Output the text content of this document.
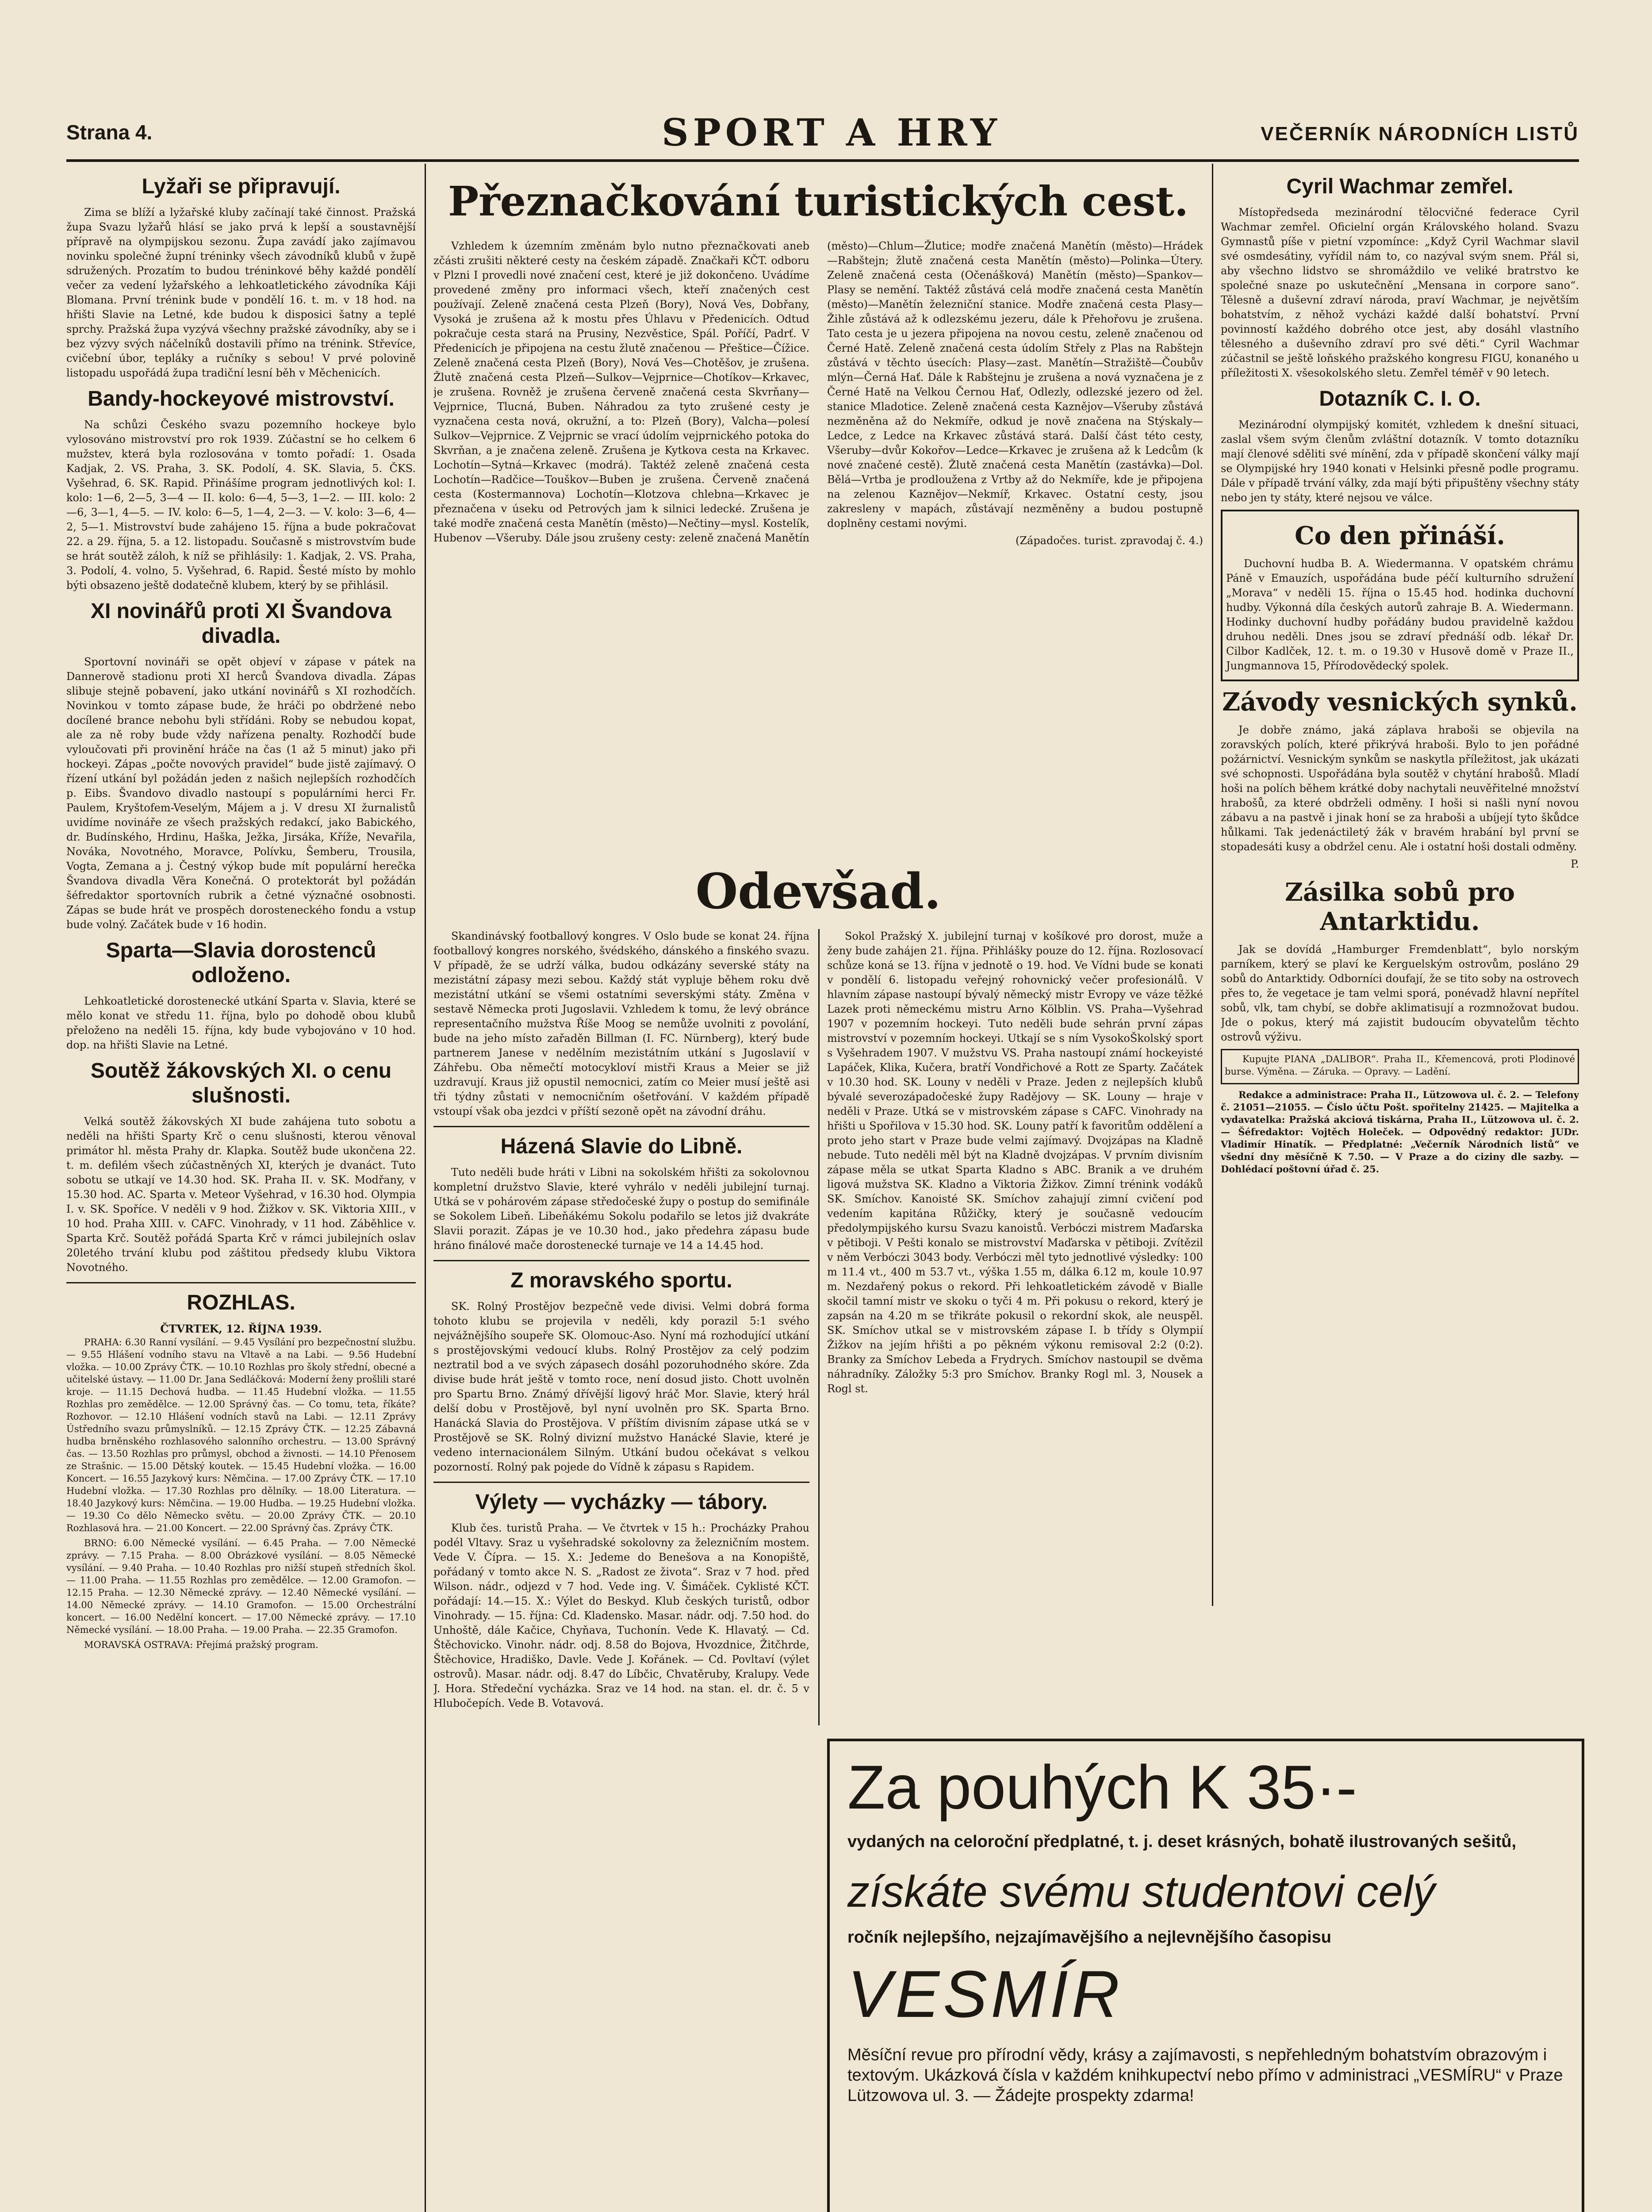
Strana 4.	SPORT A HRY	VEČERNÍK NÁRODNÍCH LISTŮ
Lyžaři se připravují.

Zima se blíží a lyžařské kluby začínají také činnost. Pražská župa Svazu lyžařů hlásí se jako prvá k lepší a soustavnější přípravě na olympijskou sezonu. Župa zavádí jako zajímavou novinku společné župní tréninky všech závodníků klubů v župě sdružených. Prozatím to budou tréninkové běhy každé pondělí večer za vedení lyžařského a lehkoatletického závodníka Káji Blomana. První trénink bude v pondělí 16. t. m. v 18 hod. na hřišti Slavie na Letné, kde budou k disposici šatny a teplé sprchy. Pražská župa vyzývá všechny pražské závodníky, aby se i bez výzvy svých náčelníků dostavili přímo na trénink. Střevíce, cvičební úbor, tepláky a ručníky s sebou! V prvé polovině listopadu uspořádá župa tradiční lesní běh v Měchenicích.

Bandy-hockeyové mistrovství.

Na schůzi Českého svazu pozemního hockeye bylo vylosováno mistrovství pro rok 1939. Zúčastní se ho celkem 6 mužstev, která byla rozlosována v tomto pořadí: 1. Osada Kadjak, 2. VS. Praha, 3. SK. Podolí, 4. SK. Slavia, 5. ČKS. Vyšehrad, 6. SK. Rapid. Přinášíme program jednotlivých kol: I. kolo: 1—6, 2—5, 3—4 — II. kolo: 6—4, 5—3, 1—2. — III. kolo: 2—6, 3—1, 4—5. — IV. kolo: 6—5, 1—4, 2—3. — V. kolo: 3—6, 4—2, 5—1. Mistrovství bude zahájeno 15. října a bude pokračovat 22. a 29. října, 5. a 12. listopadu. Současně s mistrovstvím bude se hrát soutěž záloh, k níž se přihlásily: 1. Kadjak, 2. VS. Praha, 3. Podolí, 4. volno, 5. Vyšehrad, 6. Rapid. Šesté místo by mohlo býti obsazeno ještě dodatečně klubem, který by se přihlásil.

XI novinářů proti XI Švandova divadla.

Sportovní novináři se opět objeví v zápase v pátek na Dannerově stadionu proti XI herců Švandova divadla. Zápas slibuje stejně pobavení, jako utkání novinářů s XI rozhodčích. Novinkou v tomto zápase bude, že hráči po obdržené nebo docílené brance nebohu byli střídáni. Roby se nebudou kopat, ale za ně roby bude vždy nařízena penalty. Rozhodčí bude vyloučovati při provinění hráče na čas (1 až 5 minut) jako při hockeyi. Zápas „počte novových pravidel“ bude jistě zajímavý. O řízení utkání byl požádán jeden z našich nejlepších rozhodčích p. Eibs. Švandovo divadlo nastoupí s populárními herci Fr. Paulem, Kryštofem-Veselým, Májem a j. V dresu XI žurnalistů uvidíme novináře ze všech pražských redakcí, jako Babického, dr. Budínského, Hrdinu, Haška, Ježka, Jirsáka, Kříže, Nevařila, Nováka, Novotného, Moravce, Polívku, Šemberu, Trousila, Vogta, Zemana a j. Čestný výkop bude mít populární herečka Švandova divadla Věra Konečná. O protektorát byl požádán šéfredaktor sportovních rubrik a četné význačné osobnosti. Zápas se bude hrát ve prospěch dorosteneckého fondu a vstup bude volný. Začátek bude v 16 hodin.

Sparta—Slavia dorostenců odloženo.

Lehkoatletické dorostenecké utkání Sparta v. Slavia, které se mělo konat ve středu 11. října, bylo po dohodě obou klubů přeloženo na neděli 15. října, kdy bude vybojováno v 10 hod. dop. na hřišti Slavie na Letné.

Soutěž žákovských XI. o cenu slušnosti.

Velká soutěž žákovských XI bude zahájena tuto sobotu a neděli na hřišti Sparty Krč o cenu slušnosti, kterou věnoval primátor hl. města Prahy dr. Klapka. Soutěž bude ukončena 22. t. m. defilém všech zúčastněných XI, kterých je dvanáct. Tuto sobotu se utkají ve 14.30 hod. SK. Praha II. v. SK. Modřany, v 15.30 hod. AC. Sparta v. Meteor Vyšehrad, v 16.30 hod. Olympia I. v. SK. Spoříce. V neděli v 9 hod. Žižkov v. SK. Viktoria XIII., v 10 hod. Praha XIII. v. CAFC. Vinohrady, v 11 hod. Záběhlice v. Sparta Krč. Soutěž pořádá Sparta Krč v rámci jubilejních oslav 20letého trvání klubu pod záštitou předsedy klubu Viktora Novotného.

ROZHLAS.
ČTVRTEK, 12. ŘÍJNA 1939.

PRAHA: 6.30 Ranní vysílání. — 9.45 Vysílání pro bezpečnostní službu. — 9.55 Hlášení vodního stavu na Vltavě a na Labi. — 9.56 Hudební vložka. — 10.00 Zprávy ČTK. — 10.10 Rozhlas pro školy střední, obecné a učitelské ústavy. — 11.00 Dr. Jana Sedláčková: Moderní ženy prošlili staré kroje. — 11.15 Dechová hudba. — 11.45 Hudební vložka. — 11.55 Rozhlas pro zemědělce. — 12.00 Správný čas. — Co tomu, teta, říkáte? Rozhovor. — 12.10 Hlášení vodních stavů na Labi. — 12.11 Zprávy Ústředního svazu průmyslníků. — 12.15 Zprávy ČTK. — 12.25 Zábavná hudba brněnského rozhlasového salonního orchestru. — 13.00 Správný čas. — 13.50 Rozhlas pro průmysl, obchod a živnosti. — 14.10 Přenosem ze Strašnic. — 15.00 Dětský koutek. — 15.45 Hudební vložka. — 16.00 Koncert. — 16.55 Jazykový kurs: Němčina. — 17.00 Zprávy ČTK. — 17.10 Hudební vložka. — 17.30 Rozhlas pro dělníky. — 18.00 Literatura. — 18.40 Jazykový kurs: Němčina. — 19.00 Hudba. — 19.25 Hudební vložka. — 19.30 Co dělo Německo světu. — 20.00 Zprávy ČTK. — 20.10 Rozhlasová hra. — 21.00 Koncert. — 22.00 Správný čas. Zprávy ČTK.

BRNO: 6.00 Německé vysílání. — 6.45 Praha. — 7.00 Německé zprávy. — 7.15 Praha. — 8.00 Obrázkové vysílání. — 8.05 Německé vysílání. — 9.40 Praha. — 10.40 Rozhlas pro nižší stupeň středních škol. — 11.00 Praha. — 11.55 Rozhlas pro zemědělce. — 12.00 Gramofon. — 12.15 Praha. — 12.30 Německé zprávy. — 12.40 Německé vysílání. — 14.00 Německé zprávy. — 14.10 Gramofon. — 15.00 Orchestrální koncert. — 16.00 Nedělní koncert. — 17.00 Německé zprávy. — 17.10 Německé vysílání. — 18.00 Praha. — 19.00 Praha. — 22.35 Gramofon.

MORAVSKÁ OSTRAVA: Přejímá pražský program.

Přeznačkování turistických cest.

Vzhledem k územním změnám bylo nutno přeznačkovati aneb zčásti zrušiti některé cesty na českém západě. Značkaři KČT. odboru v Plzni I provedli nové značení cest, které je již dokončeno. Uvádíme provedené změny pro informaci všech, kteří značených cest používají. Zeleně značená cesta Plzeň (Bory), Nová Ves, Dobřany, Vysoká je zrušena až k mostu přes Úhlavu v Předenicích. Odtud pokračuje cesta stará na Prusiny, Nezvěstice, Spál. Poříčí, Padrť. V Předenicích je připojena na cestu žlutě značenou — Přeštice—Čížice. Zeleně značená cesta Plzeň (Bory), Nová Ves—Chotěšov, je zrušena. Žlutě značená cesta Plzeň—Sulkov—Vejprnice—Chotíkov—Krkavec, je zrušena. Rovněž je zrušena červeně značená cesta Skvrňany—Vejprnice, Tlucná, Buben. Náhradou za tyto zrušené cesty je vyznačena cesta nová, okružní, a to: Plzeň (Bory), Valcha—polesí Sulkov—Vejprnice. Z Vejprnic se vrací údolím vejprnického potoka do Skvrňan, a je značena zeleně. Zrušena je Kytkova cesta na Krkavec. Lochotín—Sytná—Krkavec (modrá). Taktéž zeleně značená cesta Lochotín—Radčice—Touškov—Buben je zrušena. Červeně značená cesta (Kostermannova) Lochotín—Klotzova chlebna—Krkavec je přeznačena v úseku od Petrových jam k silnici ledecké. Zrušena je také modře značená cesta Manětín (město)—Nečtiny—mysl. Kostelík, Hubenov —Všeruby. Dále jsou zrušeny cesty: zeleně značená Manětín (město)—Chlum—Žlutice; modře značená Manětín (město)—Hrádek—Rabštejn; žlutě značená cesta Manětín (město)—Polinka—Útery. Zeleně značená cesta (Očenášková) Manětín (město)—Spankov—Plasy se nemění. Taktéž zůstává celá modře značená cesta Manětín (město)—Manětín železniční stanice. Modře značená cesta Plasy—Žihle zůstává až k odlezskému jezeru, dále k Přehořovu je zrušena. Tato cesta je u jezera připojena na novou cestu, zeleně značenou od Černé Hatě. Zeleně značená cesta údolím Střely z Plas na Rabštejn zůstává v těchto úsecích: Plasy—zast. Manětín—Stražiště—Čoubův mlýn—Černá Hať. Dále k Rabštejnu je zrušena a nová vyznačena je z Černé Hatě na Velkou Černou Hať, Odlezly, odlezské jezero od žel. stanice Mladotice. Zeleně značená cesta Kaznějov—Všeruby zůstává nezměněna až do Nekmíře, odkud je nově značena na Stýskaly—Ledce, z Ledce na Krkavec zůstává stará. Další část této cesty, Všeruby—dvůr Kokořov—Ledce—Krkavec je zrušena až k Ledcům (k nové značené cestě). Žlutě značená cesta Manětín (zastávka)—Dol. Bělá—Vrtba je prodloužena z Vrtby až do Nekmíře, kde je připojena na zelenou Kaznějov—Nekmíř, Krkavec. Ostatní cesty, jsou zakresleny v mapách, zůstávají nezměněny a budou postupně doplněny cestami novými.

(Západočes. turist. zpravodaj č. 4.)

Odevšad.

Skandinávský footballový kongres. V Oslo bude se konat 24. října footballový kongres norského, švédského, dánského a finského svazu. V případě, že se udrží válka, budou odkázány severské státy na mezistátní zápasy mezi sebou. Každý stát vypluje během roku dvě mezistátní utkání se všemi ostatními severskými státy. Změna v sestavě Německa proti Jugoslavii. Vzhledem k tomu, že levý obránce representačního mužstva Říše Moog se nemůže uvolniti z povolání, bude na jeho místo zařaděn Billman (I. FC. Nürnberg), který bude partnerem Janese v nedělním mezistátním utkání s Jugoslavií v Záhřebu. Oba němečtí motocykloví mistři Kraus a Meier se již uzdravují. Kraus již opustil nemocnici, zatím co Meier musí ještě asi tři týdny zůstati v nemocničním ošetřování. V každém případě vstoupí však oba jezdci v příští sezoně opět na závodní dráhu.

Házená Slavie do Libně.

Tuto neděli bude hráti v Libni na sokolském hřišti za sokolovnou kompletní družstvo Slavie, které vyhrálo v neděli jubilejní turnaj. Utká se v pohárovém zápase středočeské župy o postup do semifinále se Sokolem Libeň. Libeňákému Sokolu podařilo se letos již dvakráte Slavii porazit. Zápas je ve 10.30 hod., jako předehra zápasu bude hráno finálové mače dorostenecké turnaje ve 14 a 14.45 hod.

Z moravského sportu.

SK. Rolný Prostějov bezpečně vede divisi. Velmi dobrá forma tohoto klubu se projevila v neděli, kdy porazil 5:1 svého nejvážnějšího soupeře SK. Olomouc-Aso. Nyní má rozhodující utkání s prostějovskými vedoucí klubs. Rolný Prostějov za celý podzim neztratil bod a ve svých zápasech dosáhl pozoruhodného skóre. Zda divise bude hrát ještě v tomto roce, není dosud jisto. Chott uvolněn pro Spartu Brno. Známý dřívější ligový hráč Mor. Slavie, který hrál delší dobu v Prostějově, byl nyní uvolněn pro SK. Sparta Brno. Hanácká Slavia do Prostějova. V příštím divisním zápase utká se v Prostějově se SK. Rolný divizní mužstvo Hanácké Slavie, které je vedeno internacionálem Silným. Utkání budou očekávat s velkou pozorností. Rolný pak pojede do Vídně k zápasu s Rapidem.

Výlety — vycházky — tábory.

Klub čes. turistů Praha. — Ve čtvrtek v 15 h.: Procházky Prahou podél Vltavy. Sraz u vyšehradské sokolovny za železničním mostem. Vede V. Čípra. — 15. X.: Jedeme do Benešova a na Konopiště, pořádaný v tomto akce N. S. „Radost ze života“. Sraz v 7 hod. před Wilson. nádr., odjezd v 7 hod. Vede ing. V. Šimáček. Cyklisté KČT. pořádají: 14.—15. X.: Výlet do Beskyd. Klub českých turistů, odbor Vinohrady. — 15. října: Cd. Kladensko. Masar. nádr. odj. 7.50 hod. do Unhoště, dále Kačice, Chyňava, Tuchonín. Vede K. Hlavatý. — Cd. Štěchovicko. Vinohr. nádr. odj. 8.58 do Bojova, Hvozdnice, Žitčhrde, Štěchovice, Hradiško, Davle. Vede J. Kořánek. — Cd. Povltaví (výlet ostrovů). Masar. nádr. odj. 8.47 do Líbčic, Chvatěruby, Kralupy. Vede J. Hora. Středeční vycházka. Sraz ve 14 hod. na stan. el. dr. č. 5 v Hlubočepích. Vede B. Votavová.

Sokol Pražský X. jubilejní turnaj v košíkové pro dorost, muže a ženy bude zahájen 21. října. Přihlášky pouze do 12. října. Rozlosovací schůze koná se 13. října v jednotě o 19. hod. Ve Vídni bude se konati v pondělí 6. listopadu veřejný rohovnický večer profesionálů. V hlavním zápase nastoupí bývalý německý mistr Evropy ve váze těžké Lazek proti německému mistru Arno Kölblin. VS. Praha—Vyšehrad 1907 v pozemním hockeyi. Tuto neděli bude sehrán první zápas mistrovství v pozemním hockeyi. Utkají se s ním VysokoŠkolský sport s Vyšehradem 1907. V mužstvu VS. Praha nastoupí známí hockeyisté Lapáček, Klika, Kučera, bratří Vondřichové a Rott ze Sparty. Začátek v 10.30 hod. SK. Louny v neděli v Praze. Jeden z nejlepších klubů bývalé severozápadočeské župy Radějovy — SK. Louny — hraje v neděli v Praze. Utká se v mistrovském zápase s CAFC. Vinohrady na hřišti u Spořilova v 15.30 hod. SK. Louny patří k favoritům oddělení a proto jeho start v Praze bude velmi zajímavý. Dvojzápas na Kladně nebude. Tuto neděli měl být na Kladně dvojzápas. V prvním divisním zápase měla se utkat Sparta Kladno s ABC. Branik a ve druhém ligová mužstva SK. Kladno a Viktoria Žižkov. Zimní trénink vodáků SK. Smíchov. Kanoisté SK. Smíchov zahajují zimní cvičení pod vedením kapitána Růžičky, který je současně vedoucím předolympijského kursu Svazu kanoistů. Verbóczi mistrem Maďarska v pětiboji. V Pešti konalo se mistrovství Maďarska v pětiboji. Zvítězil v něm Verbóczi 3043 body. Verbóczi měl tyto jednotlivé výsledky: 100 m 11.4 vt., 400 m 53.7 vt., výška 1.55 m, dálka 6.12 m, koule 10.97 m. Nezdařený pokus o rekord. Při lehkoatletickém závodě v Bialle skočil tamní mistr ve skoku o tyči 4 m. Při pokusu o rekord, který je zapsán na 4.20 m se třikráte pokusil o rekordní skok, ale neuspěl. SK. Smíchov utkal se v mistrovském zápase I. b třídy s Olympií Žižkov na jejím hřišti a po pěkném výkonu remisoval 2:2 (0:2). Branky za Smíchov Lebeda a Frydrych. Smíchov nastoupil se dvěma náhradníky. Záložky 5:3 pro Smíchov. Branky Rogl ml. 3, Nousek a Rogl st.

Cyril Wachmar zemřel.

Místopředseda mezinárodní tělocvičné federace Cyril Wachmar zemřel. Oficielní orgán Královského holand. Svazu Gymnastů píše v pietní vzpomínce: „Když Cyril Wachmar slavil své osmdesátiny, vyřídil nám to, co nazýval svým snem. Přál si, aby všechno lidstvo se shromáždilo ve veliké bratrstvo ke společné snaze po uskutečnění „Mensana in corpore sano“. Tělesně a duševní zdraví národa, praví Wachmar, je největším bohatstvím, z něhož vycházi každé další bohatství. První povinností každého dobrého otce jest, aby dosáhl vlastního tělesného a duševního zdraví pro své děti.“ Cyril Wachmar zúčastnil se ještě loňského pražského kongresu FIGU, konaného u příležitosti X. všesokolského sletu. Zemřel téměř v 90 letech.

Dotazník C. I. O.

Mezinárodní olympijský komitét, vzhledem k dnešní situaci, zaslal všem svým členům zvláštní dotazník. V tomto dotazníku mají členové sděliti své mínění, zda v případě skončení války mají se Olympijské hry 1940 konati v Helsinki přesně podle programu. Dále v případě trvání války, zda mají býti připuštěny všechny státy nebo jen ty státy, které nejsou ve válce.

Co den přináší.

Duchovní hudba B. A. Wiedermanna. V opatském chrámu Páně v Emauzích, uspořádána bude péčí kulturního sdružení „Morava“ v neděli 15. října o 15.45 hod. hodinka duchovní hudby. Výkonná díla českých autorů zahraje B. A. Wiedermann. Hodinky duchovní hudby pořádány budou pravidelně každou druhou neděli. Dnes jsou se zdraví přednáší odb. lékař Dr. Cilbor Kadlček, 12. t. m. o 19.30 v Husově domě v Praze II., Jungmannova 15, Přírodovědecký spolek.

Závody vesnických synků.

Je dobře známo, jaká záplava hraboši se objevila na zoravských polích, které přikrývá hraboši. Bylo to jen pořádné požárnictví. Vesnickým synkům se naskytla příležitost, jak ukázati své schopnosti. Uspořádána byla soutěž v chytání hrabošů. Mladí hoši na polích během krátké doby nachytali neuvěřitelné množství hrabošů, za které obdrželi odměny. I hoši si našli nyní novou zábavu a na pastvě i jinak honí se za hraboši a ubíjejí tyto škůdce hůlkami. Tak jedenáctiletý žák v bravém hrabání byl první se stopadesáti kusy a obdržel cenu. Ale i ostatní hoši dostali odměny.

P.

Zásilka sobů pro Antarktidu.

Jak se dovídá „Hamburger Fremdenblatt“, bylo norským parníkem, který se plaví ke Kerguelským ostrovům, posláno 29 sobů do Antarktidy. Odborníci doufají, že se tito soby na ostrovech přes to, že vegetace je tam velmi sporá, ponévadž hlavní nepřítel sobů, vlk, tam chybí, se dobře aklimatisují a rozmnožovat budou. Jde o pokus, který má zajistit budoucím obyvatelům těchto ostrovů výživu.

Kupujte PIANA „DALIBOR“. Praha II., Křemencová, proti Plodinové burse. Výměna. — Záruka. — Opravy. — Ladění.

Redakce a administrace: Praha II., Lützowova ul. č. 2. — Telefony č. 21051—21055. — Číslo účtu Pošt. spořitelny 21425. — Majitelka a vydavatelka: Pražská akciová tiskárna, Praha II., Lützowova ul. č. 2. — Šéfredaktor: Vojtěch Holeček. — Odpovědný redaktor: JUDr. Vladimír Hinatík. — Předplatné: „Večerník Národních listů“ ve všední dny měsíčně K 7.50. — V Praze a do ciziny dle sazby. — Dohlédací poštovní úřad č. 25.

Za pouhých K 35·-
vydaných na celoroční předplatné, t. j. deset krásných, bohatě ilustrovaných sešitů,
získáte svému studentovi celý
ročník nejlepšího, nejzajímavějšího a nejlevnějšího časopisu
VESMÍR
Měsíční revue pro přírodní vědy, krásy a zajímavosti, s nepřehledným bohatstvím obrazovým i textovým. Ukázková čísla v každém knihkupectví nebo přímo v administraci „VESMÍRU“ v Praze Lützowova ul. 3. — Žádejte prospekty zdarma!
